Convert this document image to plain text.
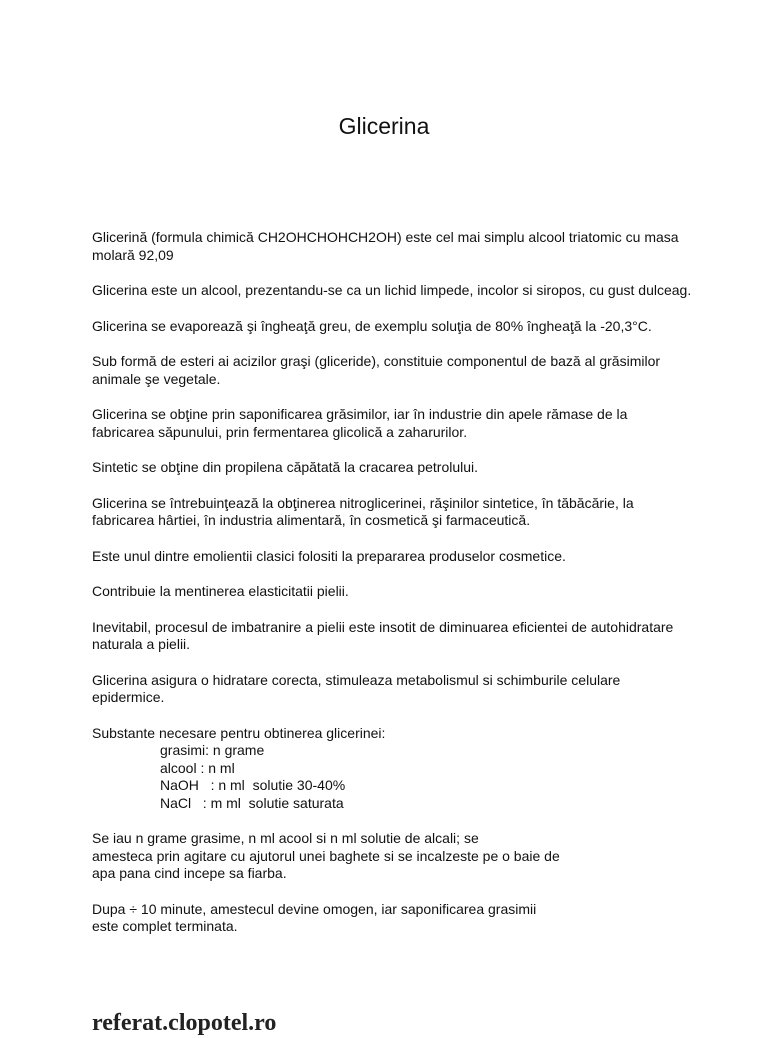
Glicerina

Glicerină (formula chimică CH2OHCHOHCH2OH) este cel mai simplu alcool triatomic cu masa molară 92,09

Glicerina este un alcool, prezentandu-se ca un lichid limpede, incolor si siropos, cu gust dulceag.

Glicerina se evaporează şi îngheaţă greu, de exemplu soluţia de 80% îngheaţă la -20,3°C.

Sub formă de esteri ai acizilor graşi (gliceride), constituie componentul de bază al grăsimilor animale şe vegetale.

Glicerina se obţine prin saponificarea grăsimilor, iar în industrie din apele rămase de la fabricarea săpunului, prin fermentarea glicolică a zaharurilor.

Sintetic se obţine din propilena căpătată la cracarea petrolului.

Glicerina se întrebuinţează la obţinerea nitroglicerinei, răşinilor sintetice, în tăbăcărie, la fabricarea hârtiei, în industria alimentară, în cosmetică şi farmaceutică.

Este unul dintre emolientii clasici folositi la prepararea produselor cosmetice.

Contribuie la mentinerea elasticitatii pielii.

Inevitabil, procesul de imbatranire a pielii este insotit de diminuarea eficientei de autohidratare naturala a pielii.

Glicerina asigura o hidratare corecta, stimuleaza metabolismul si schimburile celulare epidermice.

Substante necesare pentru obtinerea glicerinei:
grasimi: n grame
alcool : n ml
NaOH   : n ml  solutie 30-40%
NaCl   : m ml  solutie saturata
Se iau n grame grasime, n ml acool si n ml solutie de alcali; se
amesteca prin agitare cu ajutorul unei baghete si se incalzeste pe o baie de
apa pana cind incepe sa fiarba.
Dupa ÷ 10 minute, amestecul devine omogen, iar saponificarea grasimii
este complet terminata.
referat.clopotel.ro
